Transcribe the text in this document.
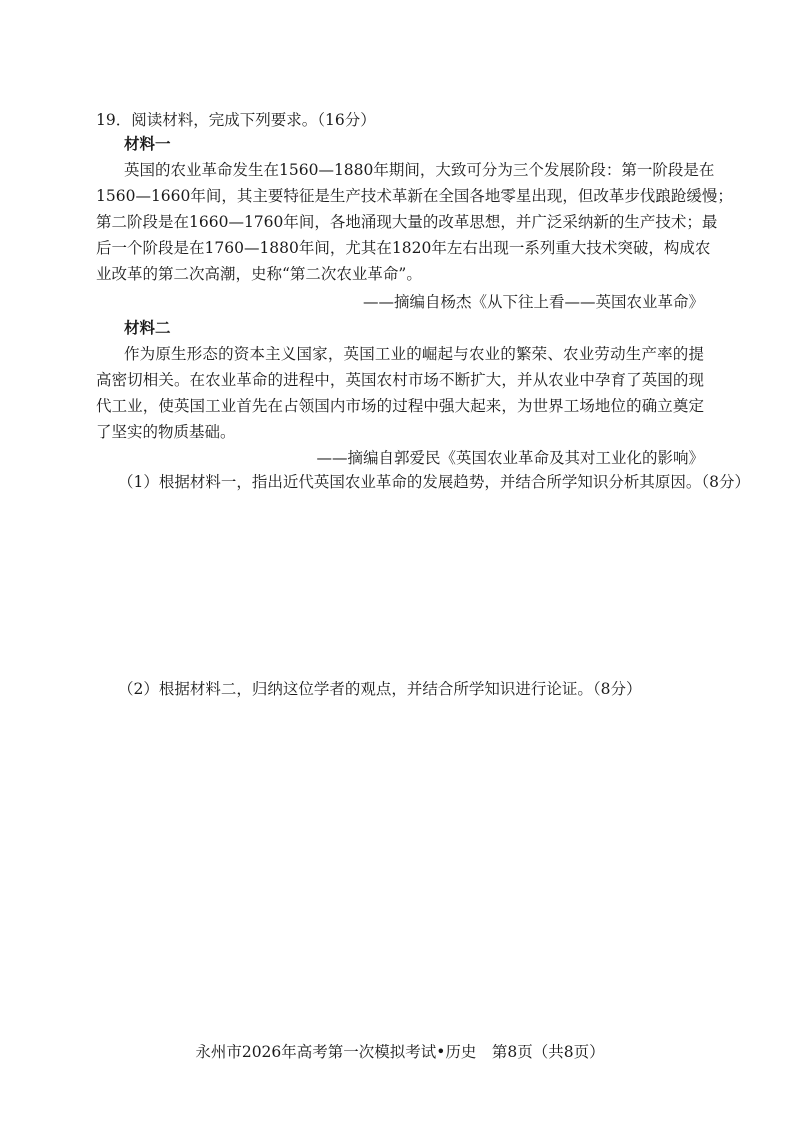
19．阅读材料，完成下列要求。（16分）
材料一
英国的农业革命发生在1560—1880年期间，大致可分为三个发展阶段：第一阶段是在
1560—1660年间，其主要特征是生产技术革新在全国各地零星出现，但改革步伐踉跄缓慢；
第二阶段是在1660—1760年间，各地涌现大量的改革思想，并广泛采纳新的生产技术；最
后一个阶段是在1760—1880年间，尤其在1820年左右出现一系列重大技术突破，构成农
业改革的第二次高潮，史称“第二次农业革命”。
——摘编自杨杰《从下往上看——英国农业革命》
材料二
作为原生形态的资本主义国家，英国工业的崛起与农业的繁荣、农业劳动生产率的提
高密切相关。在农业革命的进程中，英国农村市场不断扩大，并从农业中孕育了英国的现
代工业，使英国工业首先在占领国内市场的过程中强大起来，为世界工场地位的确立奠定
了坚实的物质基础。
——摘编自郭爱民《英国农业革命及其对工业化的影响》
（1）根据材料一，指出近代英国农业革命的发展趋势，并结合所学知识分析其原因。（8分）
（2）根据材料二，归纳这位学者的观点，并结合所学知识进行论证。（8分）
永州市2026年高考第一次模拟考试•历史　第8页（共8页）
